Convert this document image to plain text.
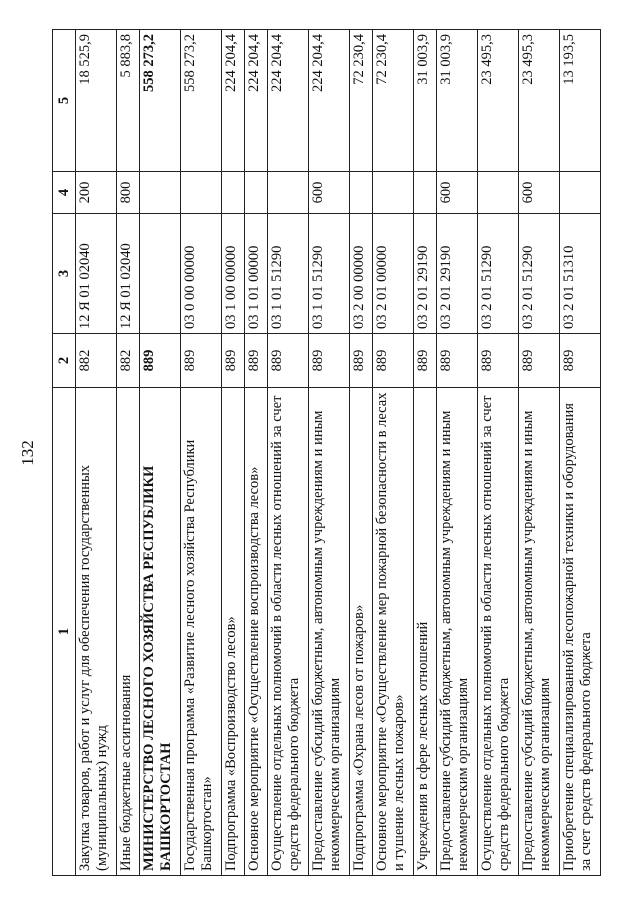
132
1	2	3	4	5
Закупка товаров, работ и услуг для обеспечения государственных (муниципальных) нужд	882	12 Я 01 02040	200	18 525,9
Иные бюджетные ассигнования	882	12 Я 01 02040	800	5 883,8
МИНИСТЕРСТВО ЛЕСНОГО ХОЗЯЙСТВА РЕСПУБЛИКИ БАШКОРТОСТАН	889			558 273,2
Государственная программа «Развитие лесного хозяйства Республики Башкортостан»	889	03 0 00 00000		558 273,2
Подпрограмма «Воспроизводство лесов»	889	03 1 00 00000		224 204,4
Основное мероприятие «Осуществление воспроизводства лесов»	889	03 1 01 00000		224 204,4
Осуществление отдельных полномочий в области лесных отношений за счет средств федерального бюджета	889	03 1 01 51290		224 204,4
Предоставление субсидий бюджетным, автономным учреждениям и иным некоммерческим организациям	889	03 1 01 51290	600	224 204,4
Подпрограмма «Охрана лесов от пожаров»	889	03 2 00 00000		72 230,4
Основное мероприятие «Осуществление мер пожарной безопасности в лесах и тушение лесных пожаров»	889	03 2 01 00000		72 230,4
Учреждения в сфере лесных отношений	889	03 2 01 29190		31 003,9
Предоставление субсидий бюджетным, автономным учреждениям и иным некоммерческим организациям	889	03 2 01 29190	600	31 003,9
Осуществление отдельных полномочий в области лесных отношений за счет средств федерального бюджета	889	03 2 01 51290		23 495,3
Предоставление субсидий бюджетным, автономным учреждениям и иным некоммерческим организациям	889	03 2 01 51290	600	23 495,3
Приобретение специализированной лесопожарной техники и оборудования за счет средств федерального бюджета	889	03 2 01 51310		13 193,5
